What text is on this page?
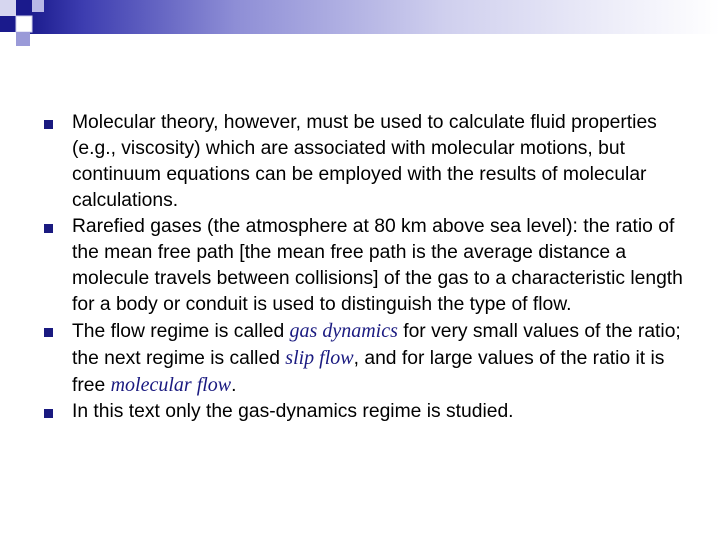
Molecular theory, however, must be used to calculate fluid properties (e.g., viscosity) which are associated with molecular motions, but continuum equations can be employed with the results of molecular calculations.
Rarefied gases (the atmosphere at 80 km above sea level): the ratio of the mean free path [the mean free path is the average distance a molecule travels between collisions] of the gas to a characteristic length for a body or conduit is used to distinguish the type of flow.
The flow regime is called gas dynamics for very small values of the ratio; the next regime is called slip flow, and for large values of the ratio it is free molecular flow.
In this text only the gas-dynamics regime is studied.
